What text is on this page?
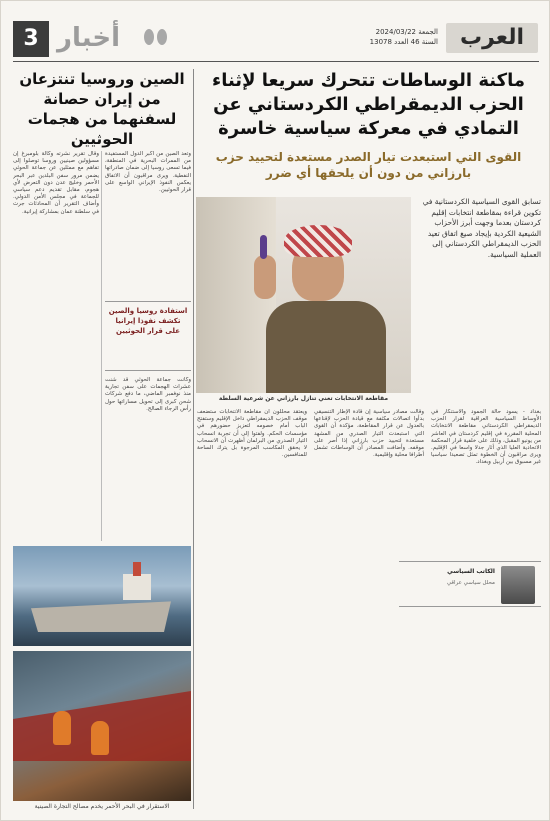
العرب
الجمعة 2024/03/22
السنة 46 العدد 13078
3 أخبار
ماكنة الوساطات تتحرك سريعا لإثناء الحزب الديمقراطي الكردستاني عن التمادي في معركة سياسية خاسرة
القوى التي استبعدت تيار الصدر مستعدة لتحييد حزب بارزاني من دون أن يلحقها أي ضرر
الصين وروسيا تنتزعان من إيران حصانة لسفنهما من هجمات الحوثيين

وقال تقرير نشرته وكالة بلومبرغ إن مسؤولين صينيين وروسا توصلوا إلى تفاهم مع ممثلين عن جماعة الحوثي يضمن مرور سفن البلدين عبر البحر الأحمر وخليج عدن دون التعرض لأي هجوم، مقابل تقديم دعم سياسي للجماعة في مجلس الأمن الدولي. وأضاف التقرير أن المحادثات جرت في سلطنة عمان بمشاركة إيرانية.

وتعد الصين من أكبر الدول المستفيدة من الممرات البحرية في المنطقة، فيما تسعى روسيا إلى ضمان صادراتها النفطية. ويرى مراقبون أن الاتفاق يعكس النفوذ الإيراني الواسع على قرار الحوثيين.

استفادة روسيا والصين تكشف نفوذا إيرانيا على قرار الحوثيين

وكانت جماعة الحوثي قد شنت عشرات الهجمات على سفن تجارية منذ نوفمبر الماضي، ما دفع شركات شحن كبرى إلى تحويل مساراتها حول رأس الرجاء الصالح.

الاستقرار في البحر الأحمر يخدم مصالح التجارة الصينية
مقاطعة الانتخابات تعني تنازل بارزاني عن شرعية السلطة

تسابق القوى السياسية الكردستانية في تكوين قراءة بمقاطعة انتخابات إقليم كردستان بعدما وجهت أبرز الأحزاب الشيعية الكردية بإيجاد صيغ اتفاق تعيد الحزب الديمقراطي الكردستاني إلى العملية السياسية.

بغداد - يسود حالة الجمود والاستنكار في الأوساط السياسية العراقية لقرار الحزب الديمقراطي الكردستاني مقاطعة الانتخابات المحلية المقررة في إقليم كردستان في العاشر من يونيو المقبل، وذلك على خلفية قرار المحكمة الاتحادية العليا الذي أثار جدلا واسعا في الإقليم. ويرى مراقبون أن الخطوة تمثل تصعيدا سياسيا غير مسبوق بين أربيل وبغداد.

وقالت مصادر سياسية إن قادة الإطار التنسيقي بدأوا اتصالات مكثفة مع قيادة الحزب لإقناعها بالعدول عن قرار المقاطعة، مؤكدة أن القوى التي استبعدت التيار الصدري من المشهد مستعدة لتحييد حزب بارزاني إذا أصر على موقفه. وأضافت المصادر أن الوساطات تشمل أطرافا محلية وإقليمية.

ويعتقد محللون أن مقاطعة الانتخابات ستضعف موقف الحزب الديمقراطي داخل الإقليم وستفتح الباب أمام خصومه لتعزيز حضورهم في مؤسسات الحكم. ولفتوا إلى أن تجربة انسحاب التيار الصدري من البرلمان أظهرت أن الانسحاب لا يحقق المكاسب المرجوة بل يترك الساحة للمنافسين.

الكاتب السياسي
محلل سياسي عراقي
